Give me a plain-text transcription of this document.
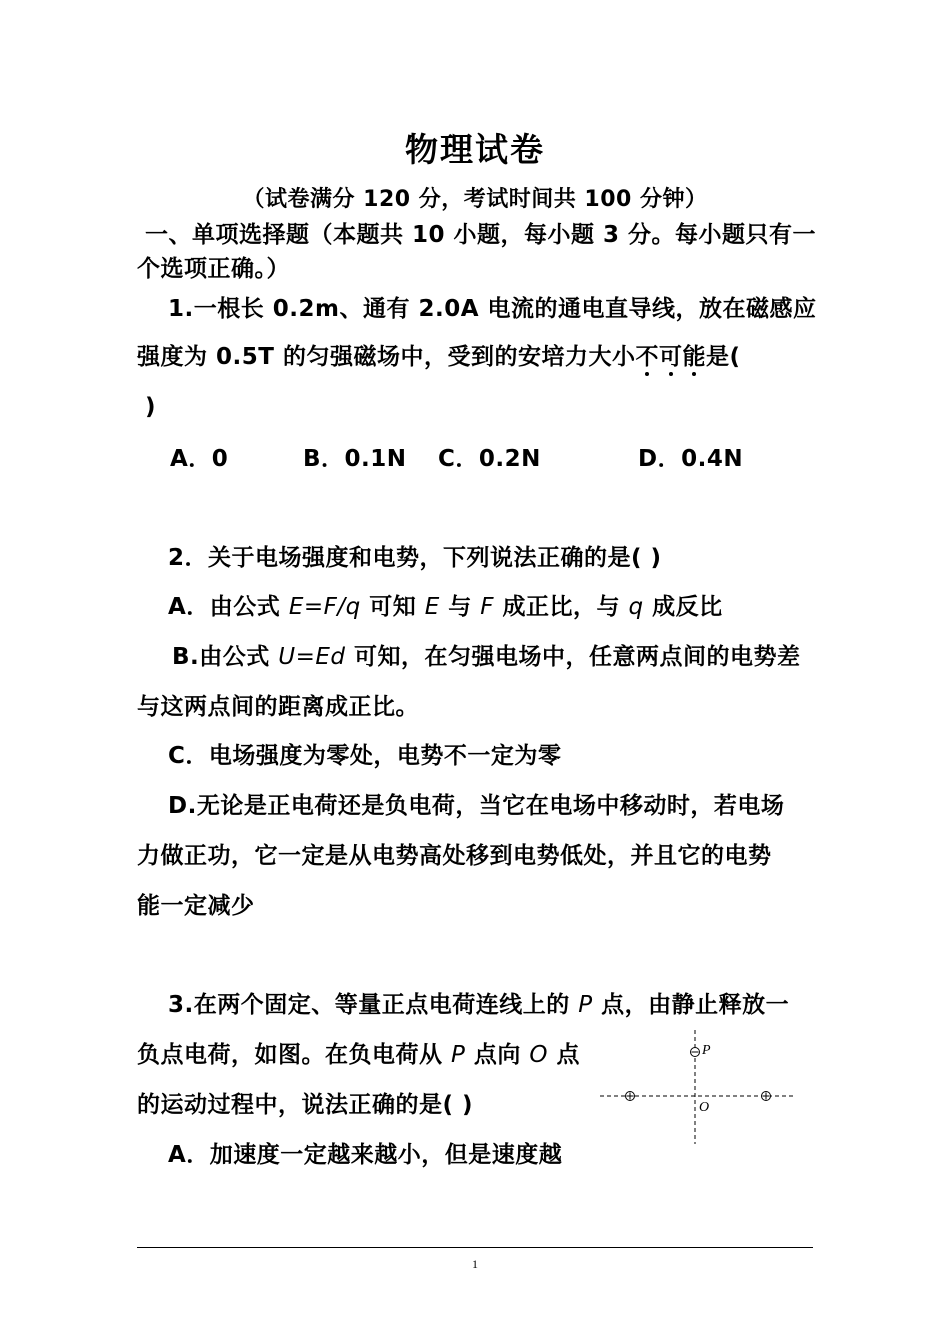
物理试卷
（试卷满分 120 分，考试时间共 100 分钟）
一、单项选择题（本题共 10 小题，每小题 3 分。每小题只有一
个选项正确。）
1.一根长 0.2m、通有 2.0A 电流的通电直导线，放在磁感应
强度为 0.5T 的匀强磁场中，受到的安培力大小不可能是(
)
A．0	B．0.1N C．0.2N	D．0.4N
2．关于电场强度和电势，下列说法正确的是( )
A．由公式 E=F/q 可知 E 与 F 成正比，与 q 成反比
B.由公式 U=Ed 可知，在匀强电场中，任意两点间的电势差
与这两点间的距离成正比。
C．电场强度为零处，电势不一定为零
D.无论是正电荷还是负电荷，当它在电场中移动时，若电场
力做正功，它一定是从电势高处移到电势低处，并且它的电势
能一定减少
3.在两个固定、等量正点电荷连线上的 P 点，由静止释放一
负点电荷，如图。在负电荷从 P 点向 O 点
的运动过程中，说法正确的是( )
A．加速度一定越来越小，但是速度越
P
O
1
